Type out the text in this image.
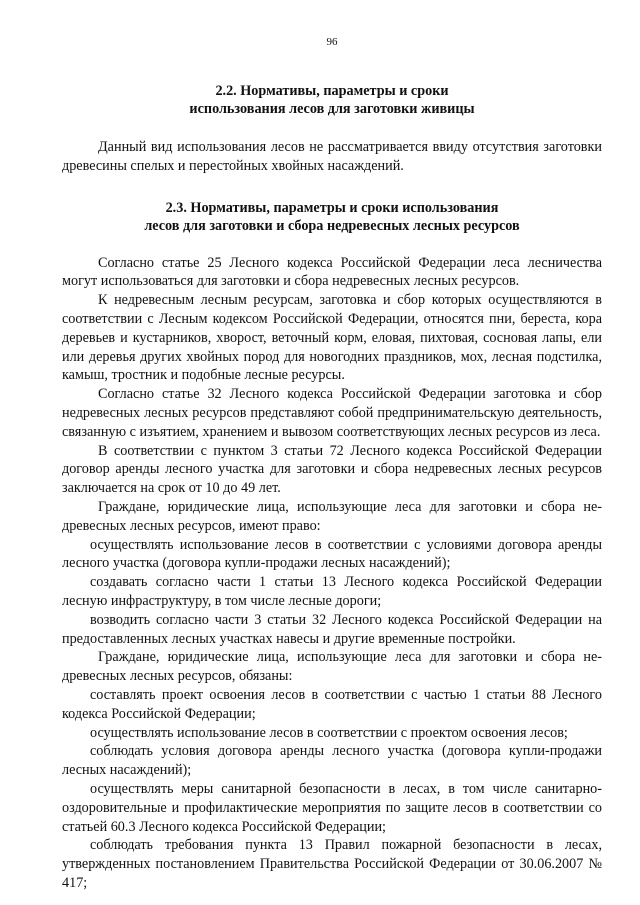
96
2.2. Нормативы, параметры и сроки
использования лесов для заготовки живицы

Данный вид использования лесов не рассматривается ввиду отсутствия заготовки древесины спелых и перестойных хвойных насаждений.

2.3. Нормативы, параметры и сроки использования
лесов для заготовки и сбора недревесных лесных ресурсов

Согласно статье 25 Лесного кодекса Российской Федерации леса лесничества могут использоваться для заготовки и сбора недревесных лесных ресурсов.

К недревесным лесным ресурсам, заготовка и сбор которых осуществляются в соответствии с Лесным кодексом Российской Федерации, относятся пни, береста, кора деревьев и кустарников, хворост, веточный корм, еловая, пихтовая, сосновая лапы, ели или деревья других хвойных пород для новогодних праздников, мох, лесная подстилка, камыш, тростник и подобные лесные ресурсы.

Согласно статье 32 Лесного кодекса Российской Федерации заготовка и сбор недревесных лесных ресурсов представляют собой предпринимательскую деятельность, связанную с изъятием, хранением и вывозом соответствующих лесных ресурсов из леса.

В соответствии с пунктом 3 статьи 72 Лесного кодекса Российской Федерации договор аренды лесного участка для заготовки и сбора недревесных лесных ресурсов заключается на срок от 10 до 49 лет.

Граждане, юридические лица, использующие леса для заготовки и сбора недревесных лесных ресурсов, имеют право:

осуществлять использование лесов в соответствии с условиями договора аренды лесного участка (договора купли-продажи лесных насаждений);

создавать согласно части 1 статьи 13 Лесного кодекса Российской Федерации лесную инфраструктуру, в том числе лесные дороги;

возводить согласно части 3 статьи 32 Лесного кодекса Российской Федерации на предоставленных лесных участках навесы и другие временные постройки.

Граждане, юридические лица, использующие леса для заготовки и сбора недревесных лесных ресурсов, обязаны:

составлять проект освоения лесов в соответствии с частью 1 статьи 88 Лесного кодекса Российской Федерации;

осуществлять использование лесов в соответствии с проектом освоения лесов;

соблюдать условия договора аренды лесного участка (договора купли-продажи лесных насаждений);

осуществлять меры санитарной безопасности в лесах, в том числе санитарно-оздоровительные и профилактические мероприятия по защите лесов в соответствии со статьей 60.3 Лесного кодекса Российской Федерации;

соблюдать требования пункта 13 Правил пожарной безопасности в лесах, утвержденных постановлением Правительства Российской Федерации от 30.06.2007 № 417;
